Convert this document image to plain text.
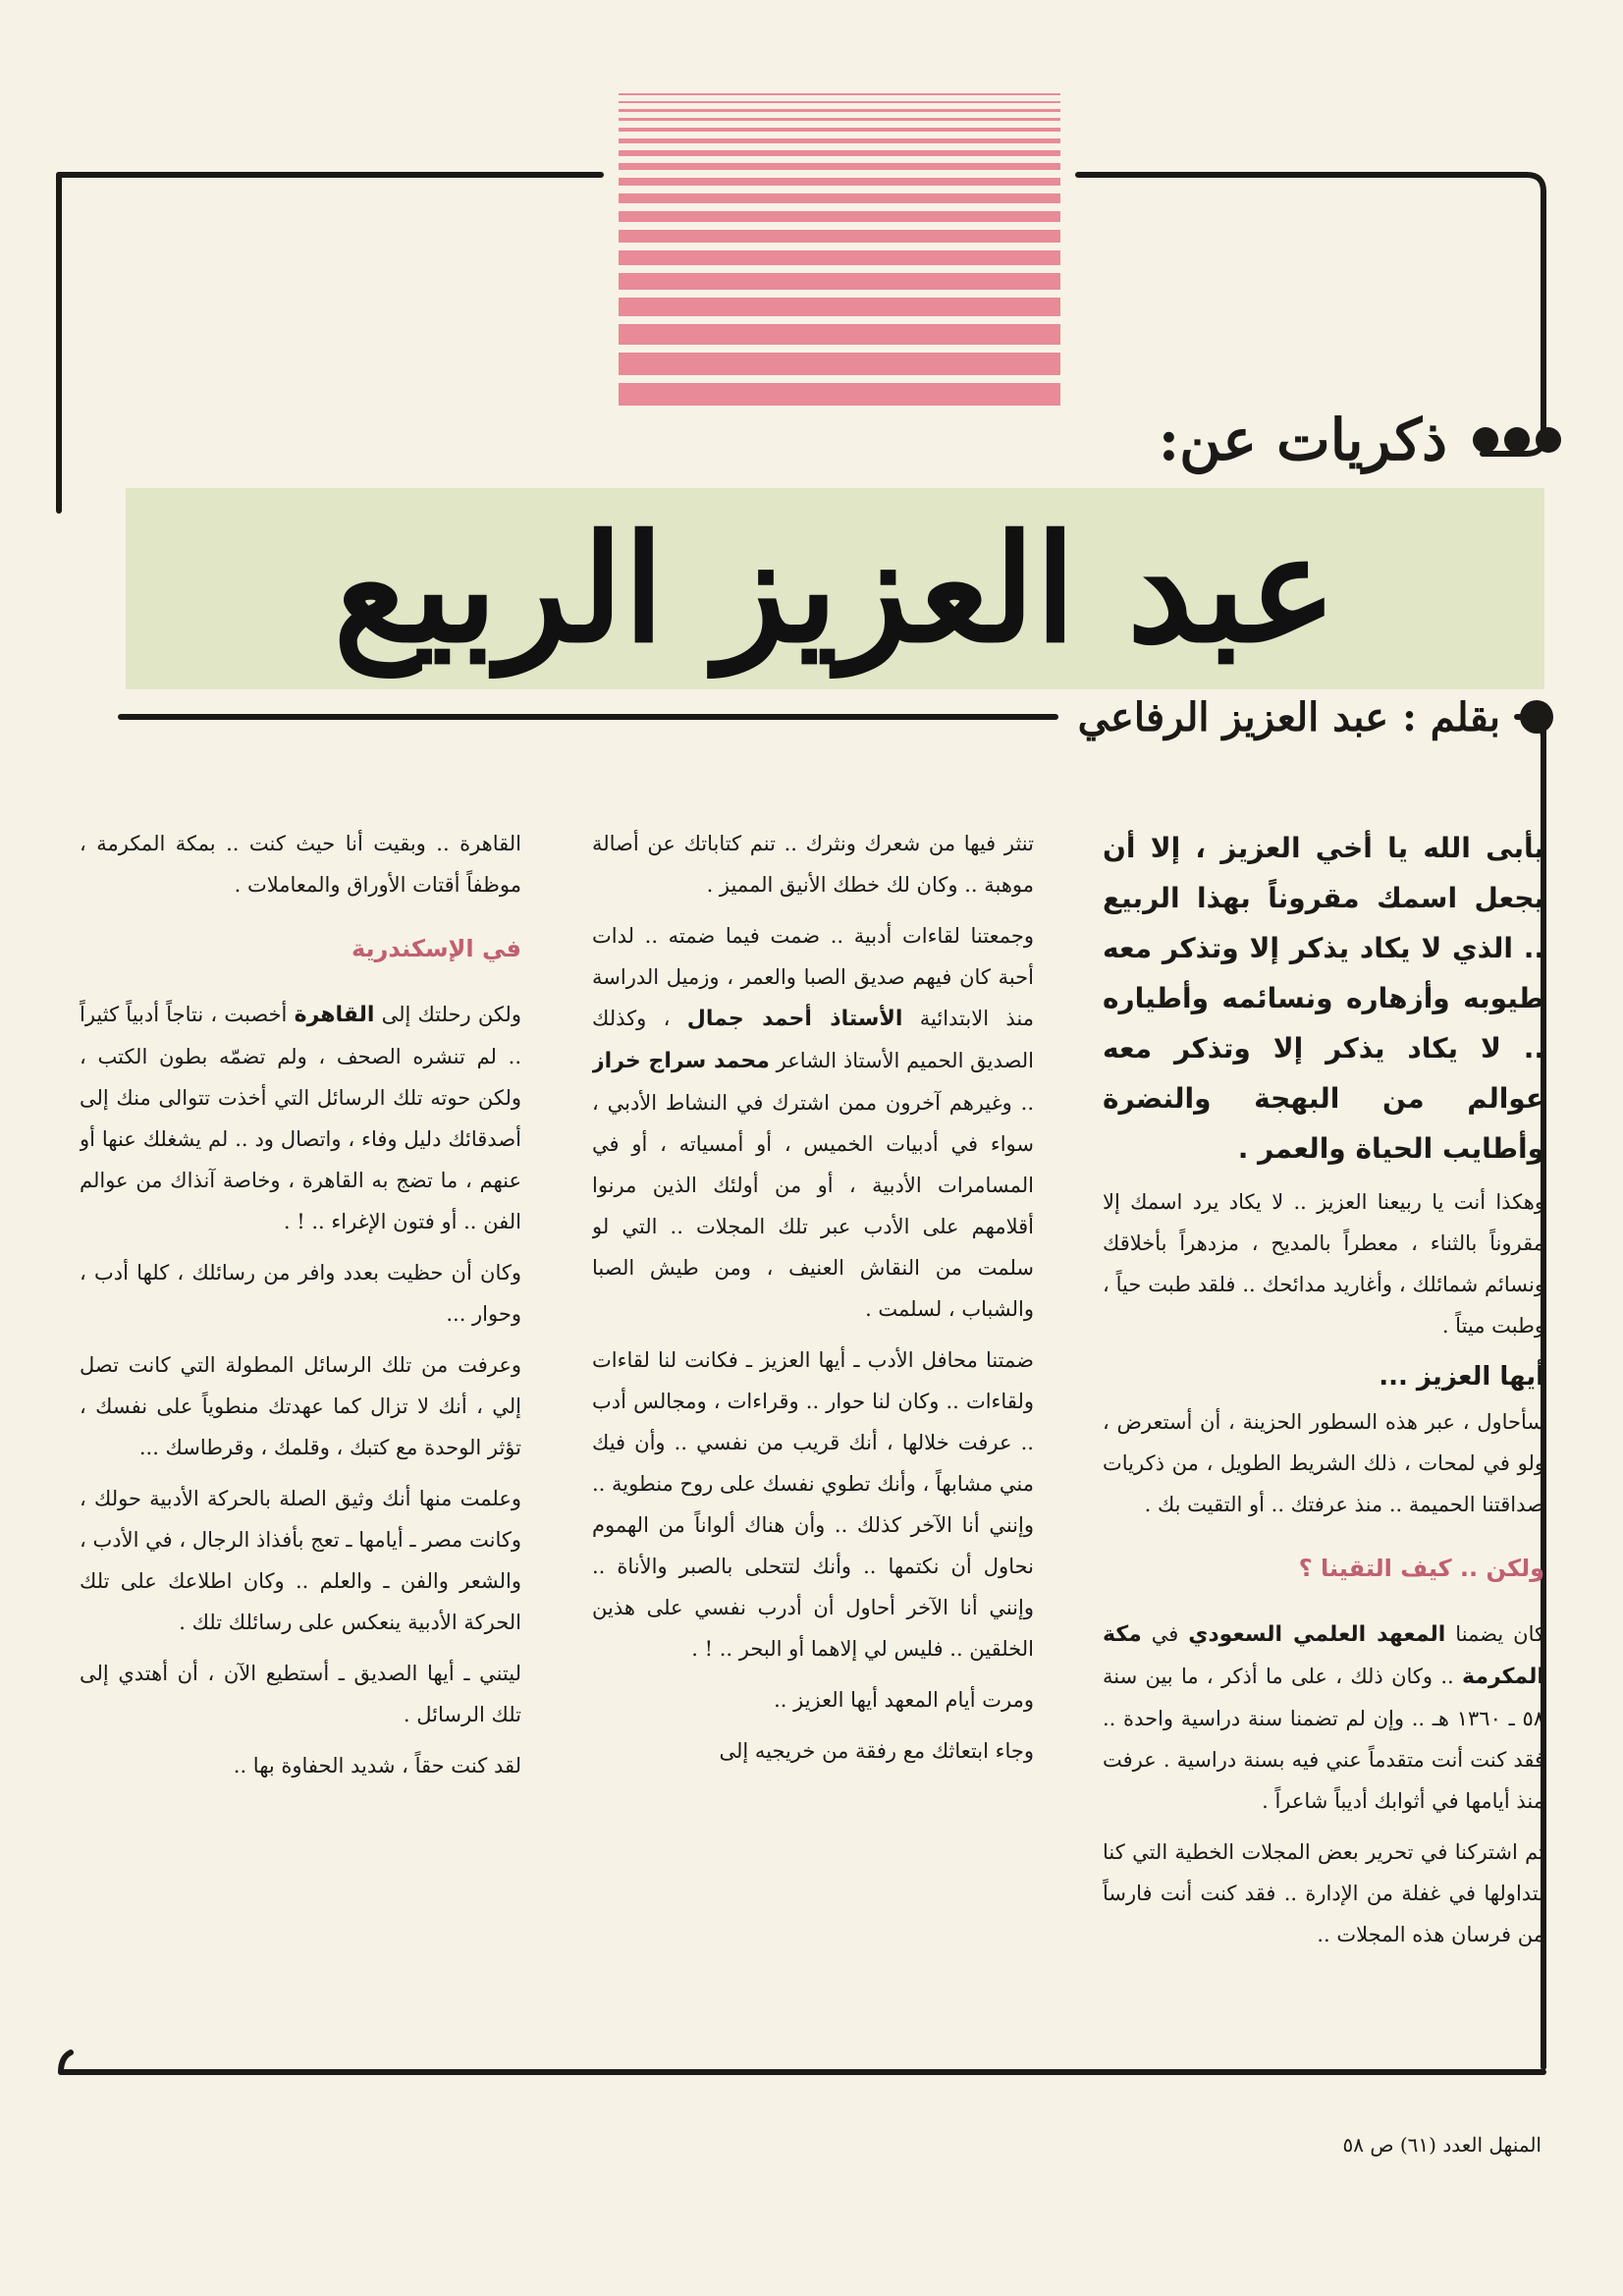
ذكريات عن:
عبد العزيز الربيع
بقلم : عبد العزيز الرفاعي

يأبى الله يا أخي العزيز ، إلا أن يجعل اسمك مقروناً بهذا الربيع .. الذي لا يكاد يذكر إلا وتذكر معه طيوبه وأزهاره ونسائمه وأطياره .. لا يكاد يذكر إلا وتذكر معه عوالم من البهجة والنضرة وأطايب الحياة والعمر .

وهكذا أنت يا ربيعنا العزيز .. لا يكاد يرد اسمك إلا مقروناً بالثناء ، معطراً بالمديح ، مزدهراً بأخلاقك ونسائم شمائلك ، وأغاريد مدائحك .. فلقد طبت حياً ، وطبت ميتاً .

أيها العزيز ...

سأحاول ، عبر هذه السطور الحزينة ، أن أستعرض ، ولو في لمحات ، ذلك الشريط الطويل ، من ذكريات صداقتنا الحميمة .. منذ عرفتك .. أو التقيت بك .

ولكن .. كيف التقينا ؟

كان يضمنا المعهد العلمي السعودي في مكة المكرمة .. وكان ذلك ، على ما أذكر ، ما بين سنة ٥٨ ـ ١٣٦٠ هـ .. وإن لم تضمنا سنة دراسية واحدة .. فقد كنت أنت متقدماً عني فيه بسنة دراسية . عرفت منذ أيامها في أثوابك أديباً شاعراً .

ثم اشتركنا في تحرير بعض المجلات الخطية التي كنا نتداولها في غفلة من الإدارة .. فقد كنت أنت فارساً من فرسان هذه المجلات ..

تنثر فيها من شعرك ونثرك .. تنم كتاباتك عن أصالة موهبة .. وكان لك خطك الأنيق المميز .

وجمعتنا لقاءات أدبية .. ضمت فيما ضمته .. لدات أحبة كان فيهم صديق الصبا والعمر ، وزميل الدراسة منذ الابتدائية الأستاذ أحمد جمال ، وكذلك الصديق الحميم الأستاذ الشاعر محمد سراج خراز .. وغيرهم آخرون ممن اشترك في النشاط الأدبي ، سواء في أدبيات الخميس ، أو أمسياته ، أو في المسامرات الأدبية ، أو من أولئك الذين مرنوا أقلامهم على الأدب عبر تلك المجلات .. التي لو سلمت من النقاش العنيف ، ومن طيش الصبا والشباب ، لسلمت .

ضمتنا محافل الأدب ـ أيها العزيز ـ فكانت لنا لقاءات ولقاءات .. وكان لنا حوار .. وقراءات ، ومجالس أدب .. عرفت خلالها ، أنك قريب من نفسي .. وأن فيك مني مشابهاً ، وأنك تطوي نفسك على روح منطوية .. وإنني أنا الآخر كذلك .. وأن هناك ألواناً من الهموم نحاول أن نكتمها .. وأنك لتتحلى بالصبر والأناة .. وإنني أنا الآخر أحاول أن أدرب نفسي على هذين الخلقين .. فليس لي إلاهما أو البحر .. ! .

ومرت أيام المعهد أيها العزيز ..

وجاء ابتعاثك مع رفقة من خريجيه إلى

القاهرة .. وبقيت أنا حيث كنت .. بمكة المكرمة ، موظفاً أقتات الأوراق والمعاملات .

في الإسكندرية

ولكن رحلتك إلى القاهرة أخصبت ، نتاجاً أدبياً كثيراً .. لم تنشره الصحف ، ولم تضمّه بطون الكتب ، ولكن حوته تلك الرسائل التي أخذت تتوالى منك إلى أصدقائك دليل وفاء ، واتصال ود .. لم يشغلك عنها أو عنهم ، ما تضج به القاهرة ، وخاصة آنذاك من عوالم الفن .. أو فتون الإغراء .. ! .

وكان أن حظيت بعدد وافر من رسائلك ، كلها أدب ، وحوار ...

وعرفت من تلك الرسائل المطولة التي كانت تصل إلي ، أنك لا تزال كما عهدتك منطوياً على نفسك ، تؤثر الوحدة مع كتبك ، وقلمك ، وقرطاسك ...

وعلمت منها أنك وثيق الصلة بالحركة الأدبية حولك ، وكانت مصر ـ أيامها ـ تعج بأفذاذ الرجال ، في الأدب ، والشعر والفن ـ والعلم .. وكان اطلاعك على تلك الحركة الأدبية ينعكس على رسائلك تلك .

ليتني ـ أيها الصديق ـ أستطيع الآن ، أن أهتدي إلى تلك الرسائل .

لقد كنت حقاً ، شديد الحفاوة بها ..

المنهل العدد (٦١) ص ٥٨
